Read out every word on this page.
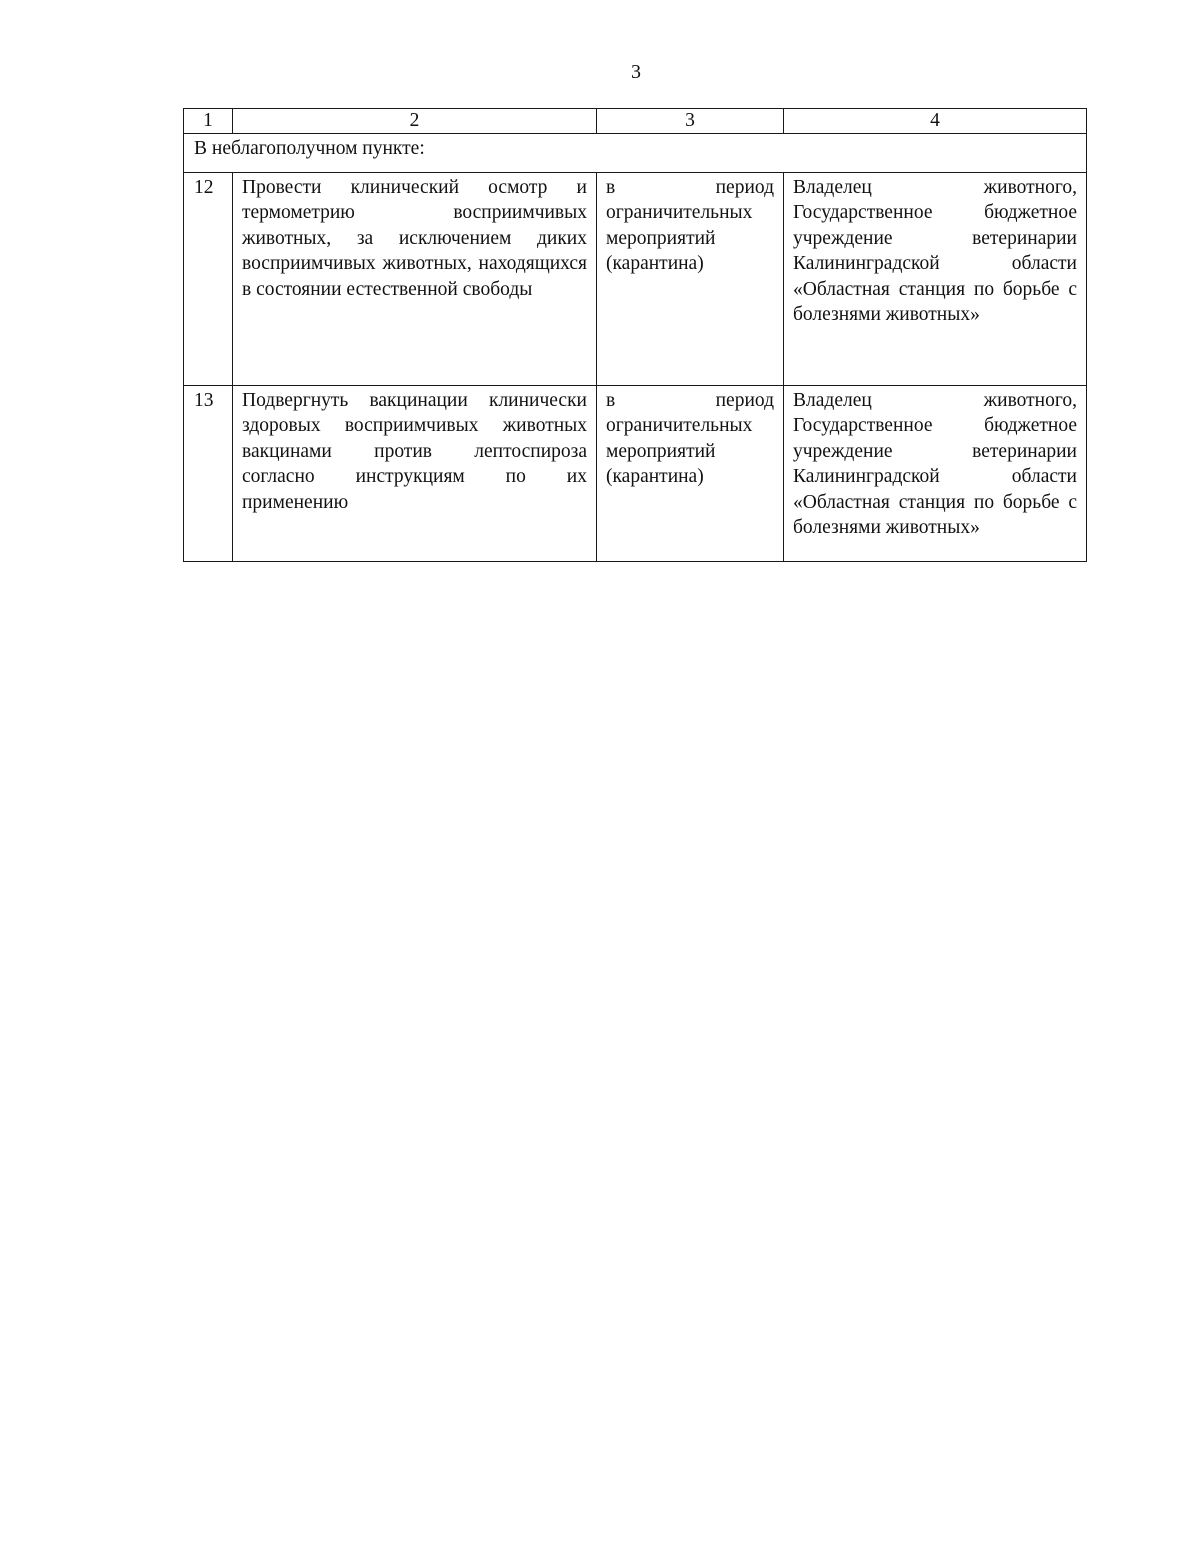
3
1	2	3	4
В неблагополучном пункте:			
12	Провести клинический осмотр и термометрию восприимчивых животных, за исключением диких восприимчивых животных, находящихся в состоянии естественной свободы	в период ограничительных мероприятий (карантина)	Владелец животного, Государственное бюджетное учреждение ветеринарии Калининградской области «Областная станция по борьбе с болезнями животных»

13	Подвергнуть вакцинации клинически здоровых восприимчивых животных вакцинами против лептоспироза согласно инструкциям по их применению	в период ограничительных мероприятий (карантина)	Владелец животного, Государственное бюджетное учреждение ветеринарии Калининградской области «Областная станция по борьбе с болезнями животных»
